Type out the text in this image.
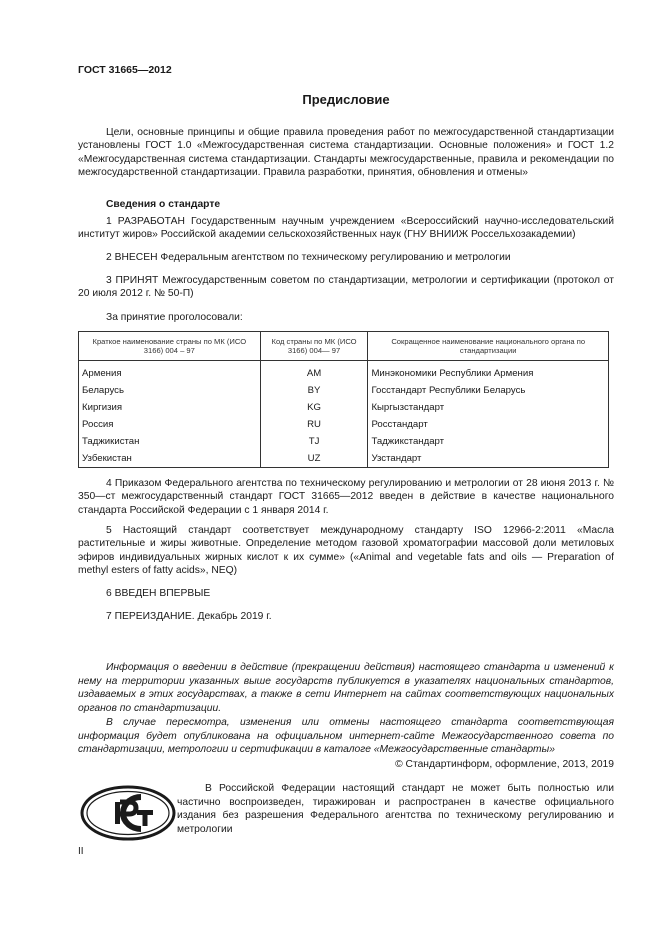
ГОСТ 31665—2012
Предисловие
Цели, основные принципы и общие правила проведения работ по межгосударственной стандартизации установлены ГОСТ 1.0 «Межгосударственная система стандартизации. Основные положения» и ГОСТ 1.2 «Межгосударственная система стандартизации. Стандарты межгосударственные, правила и рекомендации по межгосударственной стандартизации. Правила разработки, принятия, обновления и отмены»
Сведения о стандарте
1 РАЗРАБОТАН Государственным научным учреждением «Всероссийский научно-исследовательский институт жиров» Российской академии сельскохозяйственных наук (ГНУ ВНИИЖ Россельхозакадемии)
2 ВНЕСЕН Федеральным агентством по техническому регулированию и метрологии
3 ПРИНЯТ Межгосударственным советом по стандартизации, метрологии и сертификации (протокол от 20 июля 2012 г. № 50-П)
За принятие проголосовали:
Краткое наименование страны по МК (ИСО 3166) 004 – 97	Код страны по МК (ИСО 3166) 004— 97	Сокращенное наименование национального органа по стандартизации
Армения	AM	Минэкономики Республики Армения
Беларусь	BY	Госстандарт Республики Беларусь
Киргизия	KG	Кыргызстандарт
Россия	RU	Росстандарт
Таджикистан	TJ	Таджикстандарт
Узбекистан	UZ	Узстандарт
4 Приказом Федерального агентства по техническому регулированию и метрологии от 28 июня 2013 г. № 350—ст межгосударственный стандарт ГОСТ 31665—2012 введен в действие в качестве национального стандарта Российской Федерации с 1 января 2014 г.
5 Настоящий стандарт соответствует международному стандарту ISO 12966-2:2011 «Масла растительные и жиры животные. Определение методом газовой хроматографии массовой доли метиловых эфиров индивидуальных жирных кислот к их сумме» («Animal and vegetable fats and oils — Preparation of methyl esters of fatty acids», NEQ)
6 ВВЕДЕН ВПЕРВЫЕ
7 ПЕРЕИЗДАНИЕ. Декабрь 2019 г.
Информация о введении в действие (прекращении действия) настоящего стандарта и изменений к нему на территории указанных выше государств публикуется в указателях национальных стандартов, издаваемых в этих государствах, а также в сети Интернет на сайтах соответствующих национальных органов по стандартизации.
В случае пересмотра, изменения или отмены настоящего стандарта соответствующая информация будет опубликована на официальном интернет-сайте Межгосударственного совета по стандартизации, метрологии и сертификации в каталоге «Межгосударственные стандарты»
© Стандартинформ, оформление, 2013, 2019
В Российской Федерации настоящий стандарт не может быть полностью или частично воспроизведен, тиражирован и распространен в качестве официального издания без разрешения Федерального агентства по техническому регулированию и метрологии
II
